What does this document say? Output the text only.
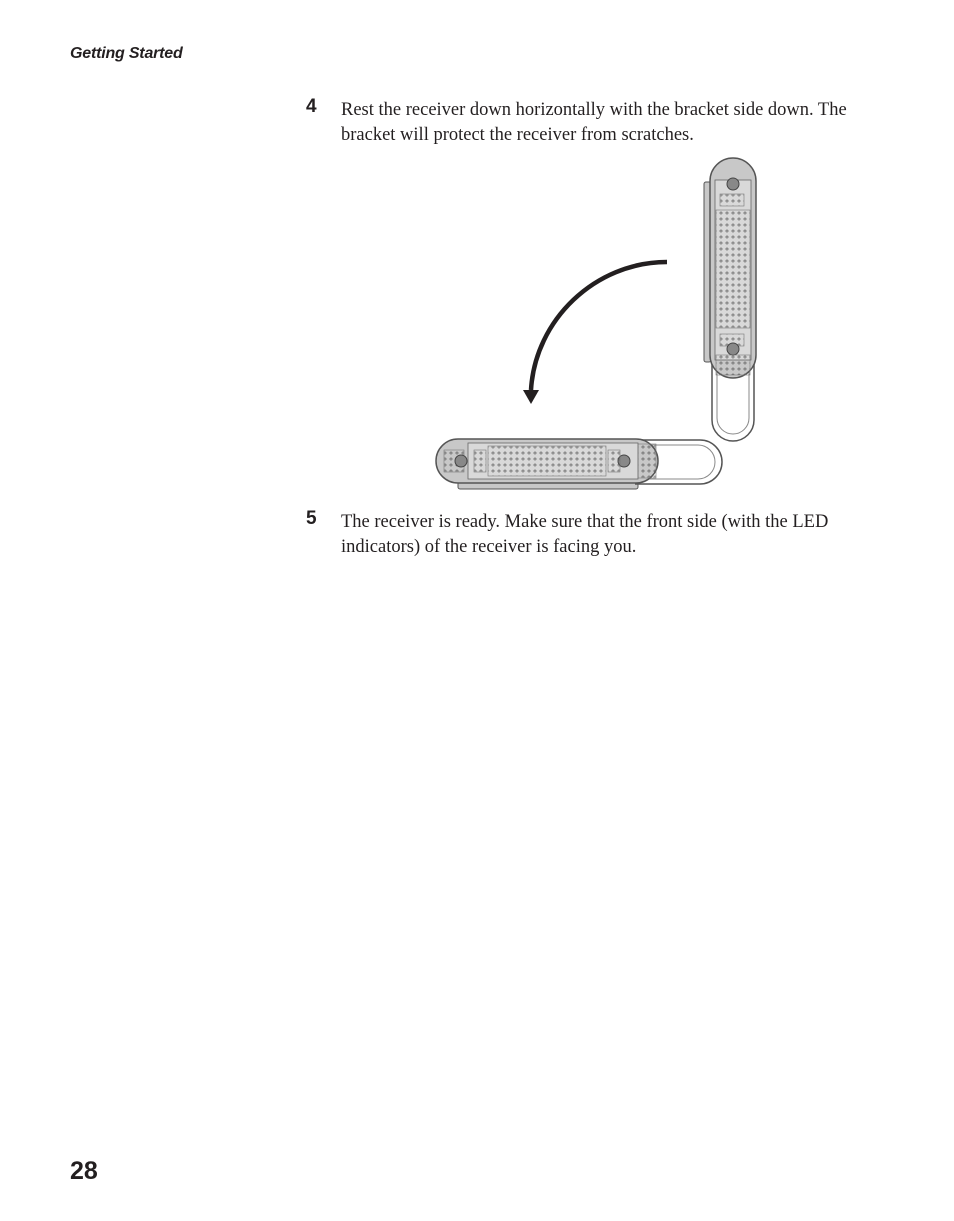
Getting Started
4 Rest the receiver down horizontally with the bracket side down. The bracket will protect the receiver from scratches.
5 The receiver is ready. Make sure that the front side (with the LED indicators) of the receiver is facing you.
28
